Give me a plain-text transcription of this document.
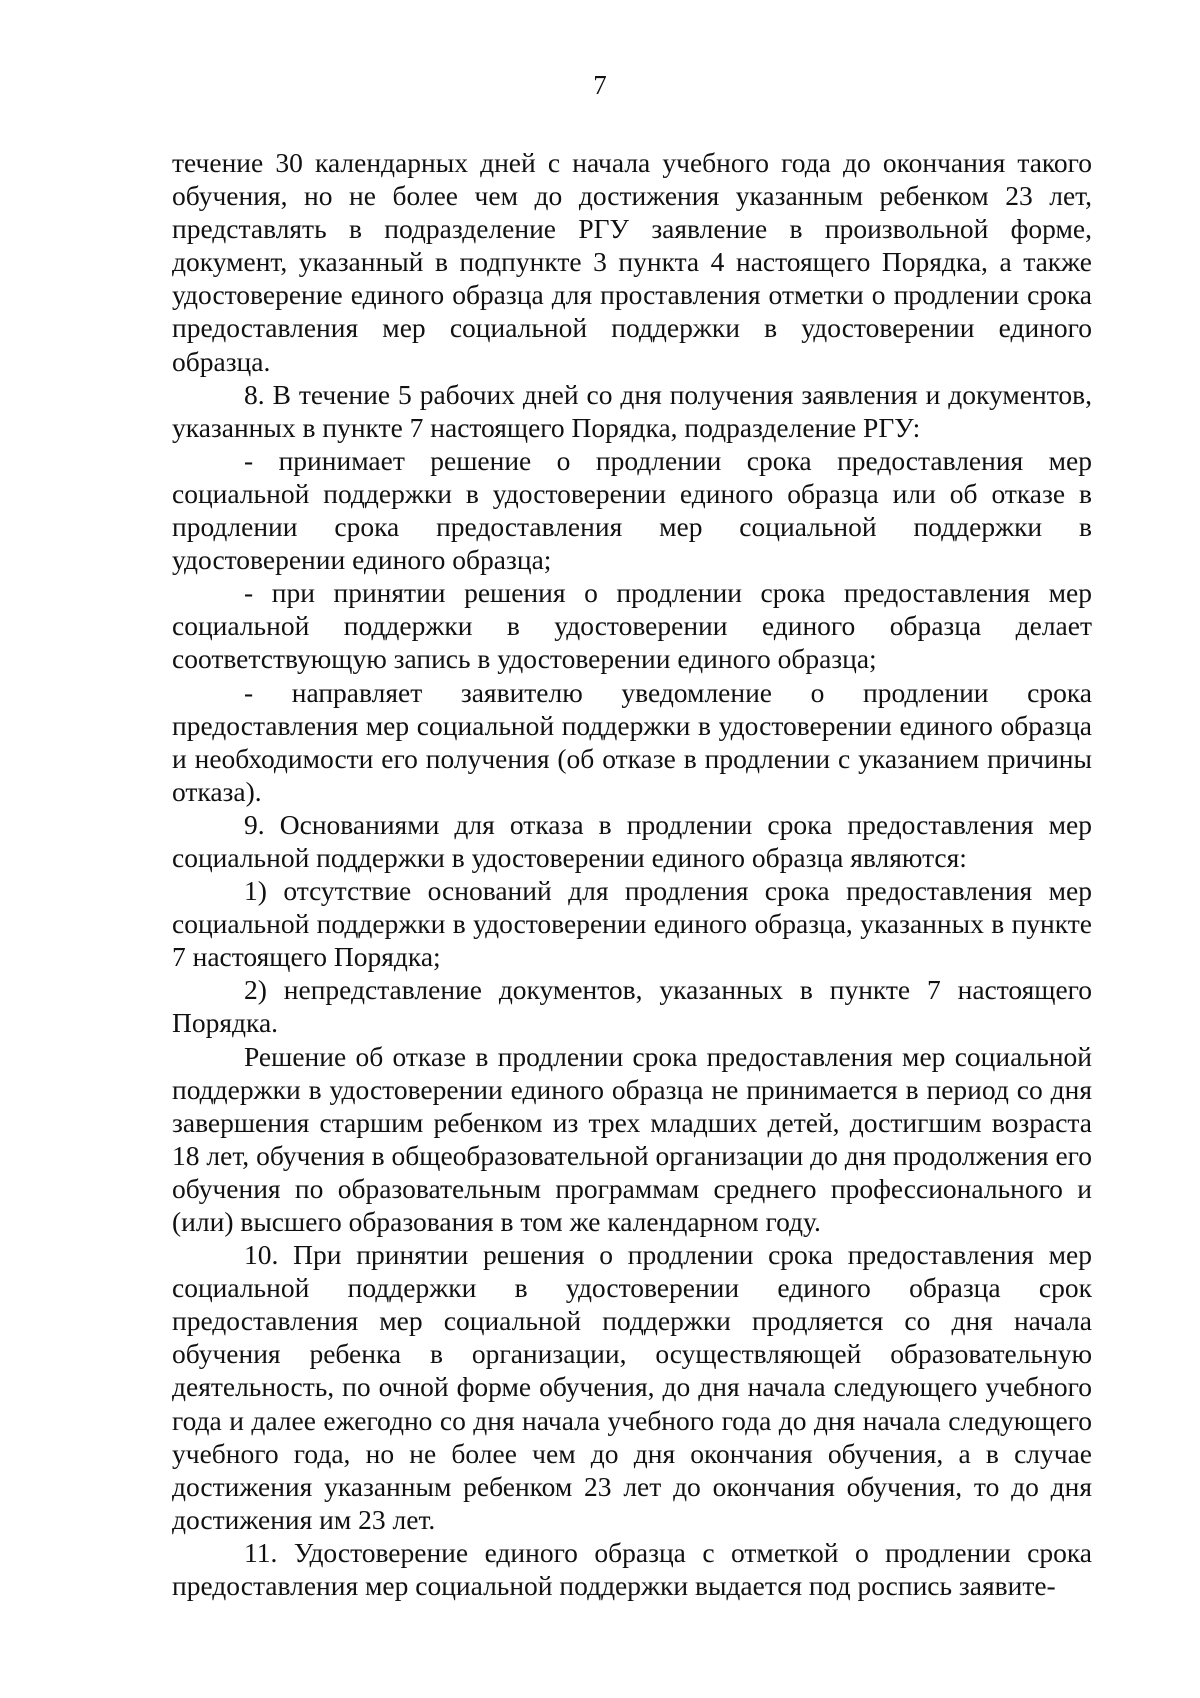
7

течение 30 календарных дней с начала учебного года до окончания такого обучения, но не более чем до достижения указанным ребенком 23 лет, представлять в подразделение РГУ заявление в произвольной форме, документ, указанный в подпункте 3 пункта 4 настоящего Порядка, а также удостоверение единого образца для проставления отметки о продлении срока предоставления мер социальной поддержки в удостоверении единого образца.

8. В течение 5 рабочих дней со дня получения заявления и документов, указанных в пункте 7 настоящего Порядка, подразделение РГУ:

- принимает решение о продлении срока предоставления мер социальной поддержки в удостоверении единого образца или об отказе в продлении срока предоставления мер социальной поддержки в удостоверении единого образца;

- при принятии решения о продлении срока предоставления мер социальной поддержки в удостоверении единого образца делает соответствующую запись в удостоверении единого образца;

- направляет заявителю уведомление о продлении срока предоставления мер социальной поддержки в удостоверении единого образца и необходимости его получения (об отказе в продлении с указанием причины отказа).

9. Основаниями для отказа в продлении срока предоставления мер социальной поддержки в удостоверении единого образца являются:

1) отсутствие оснований для продления срока предоставления мер социальной поддержки в удостоверении единого образца, указанных в пункте 7 настоящего Порядка;

2) непредставление документов, указанных в пункте 7 настоящего Порядка.

Решение об отказе в продлении срока предоставления мер социальной поддержки в удостоверении единого образца не принимается в период со дня завершения старшим ребенком из трех младших детей, достигшим возраста 18 лет, обучения в общеобразовательной организации до дня продолжения его обучения по образовательным программам среднего профессионального и (или) высшего образования в том же календарном году.

10. При принятии решения о продлении срока предоставления мер социальной поддержки в удостоверении единого образца срок предоставления мер социальной поддержки продляется со дня начала обучения ребенка в организации, осуществляющей образовательную деятельность, по очной форме обучения, до дня начала следующего учебного года и далее ежегодно со дня начала учебного года до дня начала следующего учебного года, но не более чем до дня окончания обучения, а в случае достижения указанным ребенком 23 лет до окончания обучения, то до дня достижения им 23 лет.

11. Удостоверение единого образца с отметкой о продлении срока предоставления мер социальной поддержки выдается под роспись заявите-
